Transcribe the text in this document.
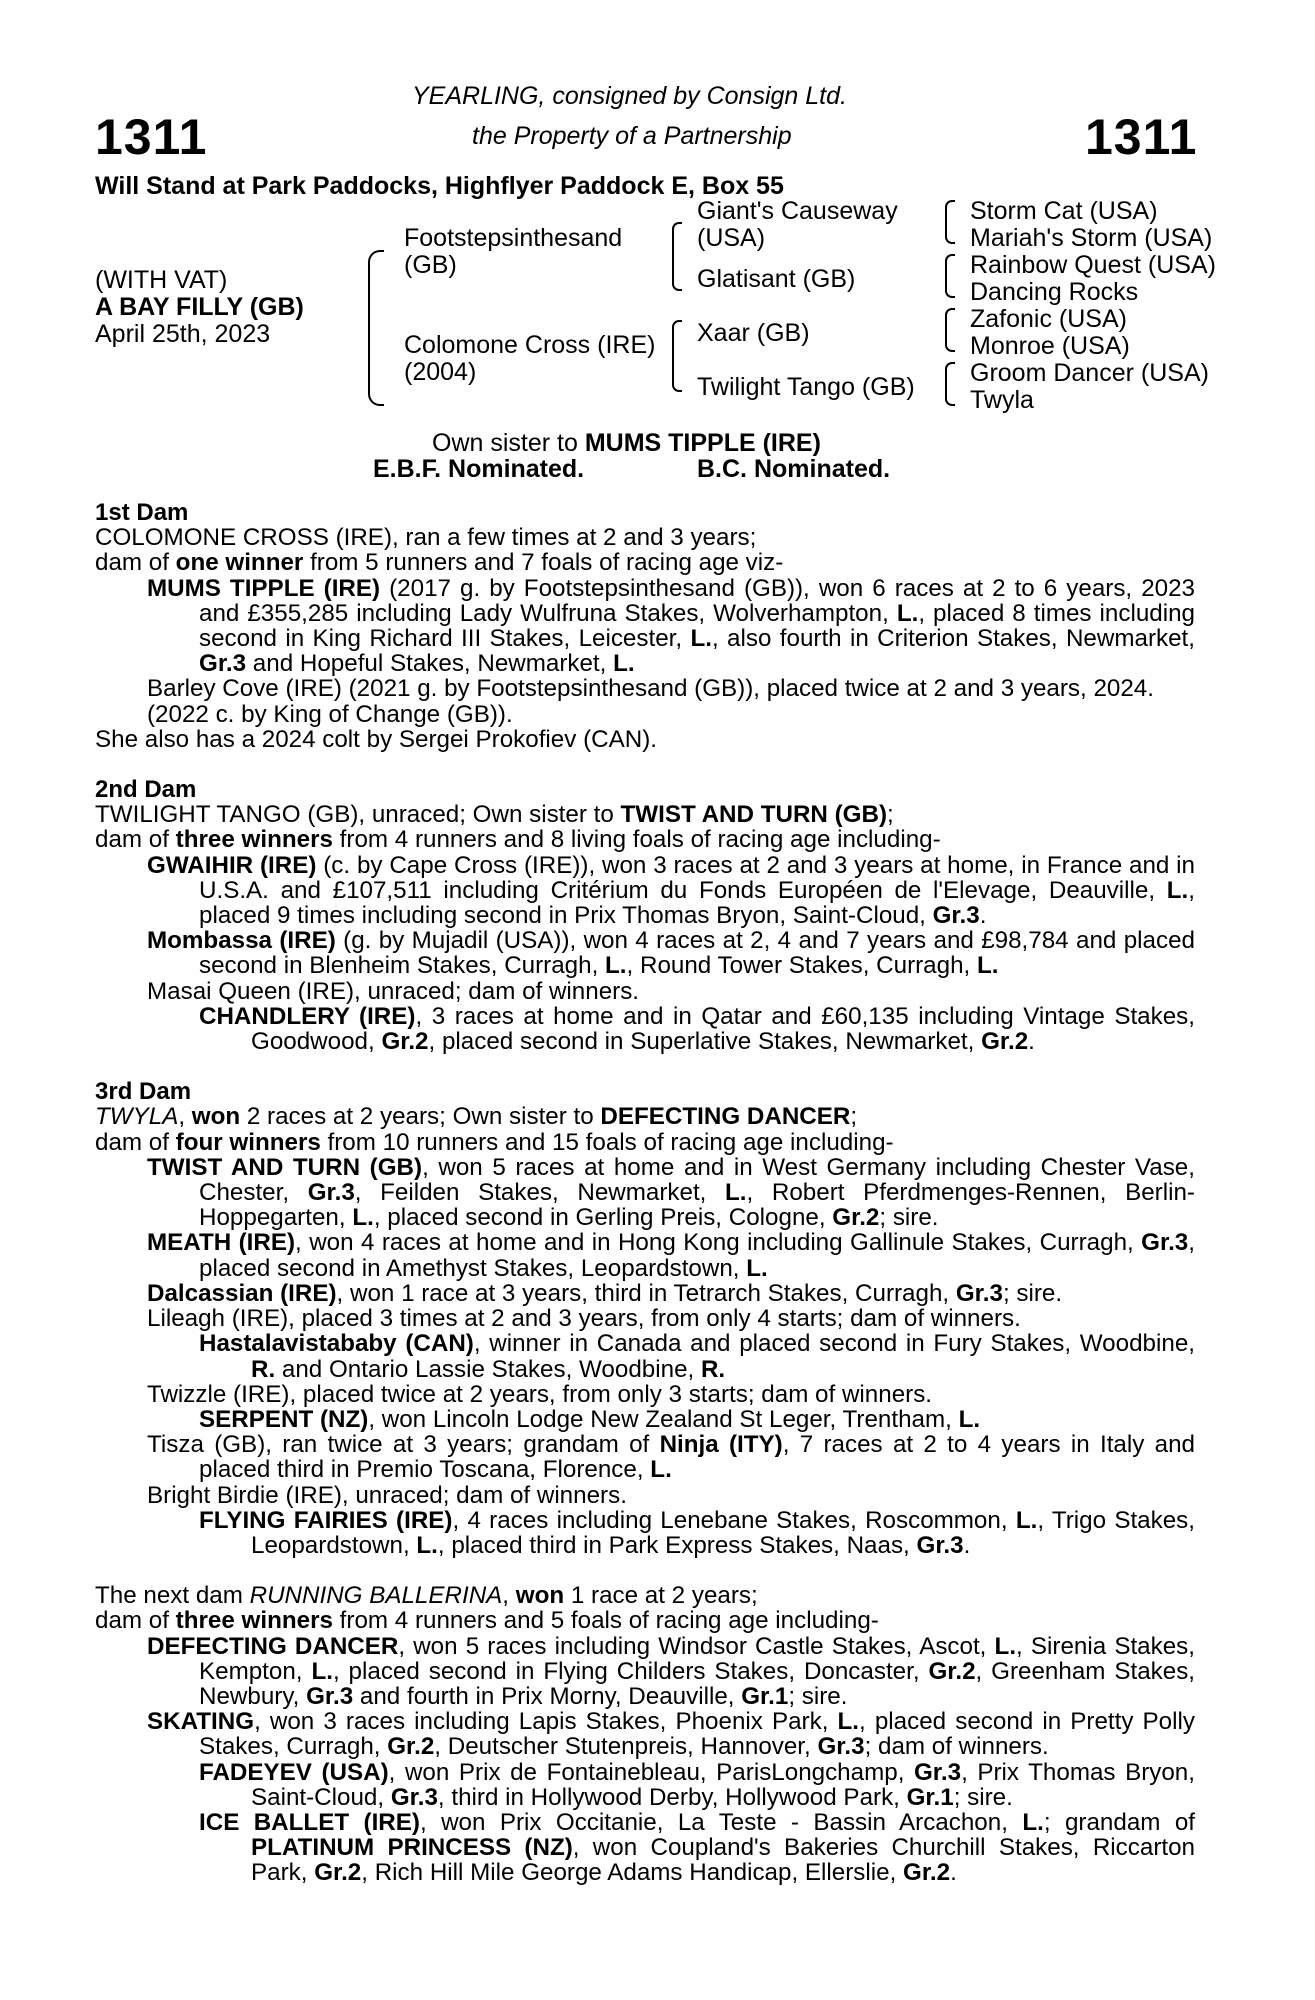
1311	1311
YEARLING, consigned by Consign Ltd.
the Property of a Partnership
Will Stand at Park Paddocks, Highflyer Paddock E, Box 55
(WITH VAT)
A BAY FILLY (GB)
April 25th, 2023
Footstepsinthesand (GB)
Colomone Cross (IRE) (2004)
Giant's Causeway (USA)
Glatisant (GB)
Xaar (GB)
Twilight Tango (GB)
Storm Cat (USA)
Mariah's Storm (USA)
Rainbow Quest (USA)
Dancing Rocks
Zafonic (USA)
Monroe (USA)
Groom Dancer (USA)
Twyla
Own sister to MUMS TIPPLE (IRE)
E.B.F. Nominated.	B.C. Nominated.

1st Dam

COLOMONE CROSS (IRE), ran a few times at 2 and 3 years;

dam of one winner from 5 runners and 7 foals of racing age viz-

MUMS TIPPLE (IRE) (2017 g. by Footstepsinthesand (GB)), won 6 races at 2 to 6 years, 2023 and £355,285 including Lady Wulfruna Stakes, Wolverhampton, L., placed 8 times including second in King Richard III Stakes, Leicester, L., also fourth in Criterion Stakes, Newmarket, Gr.3 and Hopeful Stakes, Newmarket, L.

Barley Cove (IRE) (2021 g. by Footstepsinthesand (GB)), placed twice at 2 and 3 years, 2024.

(2022 c. by King of Change (GB)).

She also has a 2024 colt by Sergei Prokofiev (CAN).

2nd Dam

TWILIGHT TANGO (GB), unraced; Own sister to TWIST AND TURN (GB);

dam of three winners from 4 runners and 8 living foals of racing age including-

GWAIHIR (IRE) (c. by Cape Cross (IRE)), won 3 races at 2 and 3 years at home, in France and in U.S.A. and £107,511 including Critérium du Fonds Européen de l'Elevage, Deauville, L., placed 9 times including second in Prix Thomas Bryon, Saint-Cloud, Gr.3.

Mombassa (IRE) (g. by Mujadil (USA)), won 4 races at 2, 4 and 7 years and £98,784 and placed second in Blenheim Stakes, Curragh, L., Round Tower Stakes, Curragh, L.

Masai Queen (IRE), unraced; dam of winners.

CHANDLERY (IRE), 3 races at home and in Qatar and £60,135 including Vintage Stakes, Goodwood, Gr.2, placed second in Superlative Stakes, Newmarket, Gr.2.

3rd Dam

TWYLA, won 2 races at 2 years; Own sister to DEFECTING DANCER;

dam of four winners from 10 runners and 15 foals of racing age including-

TWIST AND TURN (GB), won 5 races at home and in West Germany including Chester Vase, Chester, Gr.3, Feilden Stakes, Newmarket, L., Robert Pferdmenges-Rennen, Berlin-Hoppegarten, L., placed second in Gerling Preis, Cologne, Gr.2; sire.

MEATH (IRE), won 4 races at home and in Hong Kong including Gallinule Stakes, Curragh, Gr.3, placed second in Amethyst Stakes, Leopardstown, L.

Dalcassian (IRE), won 1 race at 3 years, third in Tetrarch Stakes, Curragh, Gr.3; sire.

Lileagh (IRE), placed 3 times at 2 and 3 years, from only 4 starts; dam of winners.

Hastalavistababy (CAN), winner in Canada and placed second in Fury Stakes, Woodbine, R. and Ontario Lassie Stakes, Woodbine, R.

Twizzle (IRE), placed twice at 2 years, from only 3 starts; dam of winners.

SERPENT (NZ), won Lincoln Lodge New Zealand St Leger, Trentham, L.

Tisza (GB), ran twice at 3 years; grandam of Ninja (ITY), 7 races at 2 to 4 years in Italy and placed third in Premio Toscana, Florence, L.

Bright Birdie (IRE), unraced; dam of winners.

FLYING FAIRIES (IRE), 4 races including Lenebane Stakes, Roscommon, L., Trigo Stakes, Leopardstown, L., placed third in Park Express Stakes, Naas, Gr.3.

The next dam RUNNING BALLERINA, won 1 race at 2 years;

dam of three winners from 4 runners and 5 foals of racing age including-

DEFECTING DANCER, won 5 races including Windsor Castle Stakes, Ascot, L., Sirenia Stakes, Kempton, L., placed second in Flying Childers Stakes, Doncaster, Gr.2, Greenham Stakes, Newbury, Gr.3 and fourth in Prix Morny, Deauville, Gr.1; sire.

SKATING, won 3 races including Lapis Stakes, Phoenix Park, L., placed second in Pretty Polly Stakes, Curragh, Gr.2, Deutscher Stutenpreis, Hannover, Gr.3; dam of winners.

FADEYEV (USA), won Prix de Fontainebleau, ParisLongchamp, Gr.3, Prix Thomas Bryon, Saint-Cloud, Gr.3, third in Hollywood Derby, Hollywood Park, Gr.1; sire.

ICE BALLET (IRE), won Prix Occitanie, La Teste - Bassin Arcachon, L.; grandam of PLATINUM PRINCESS (NZ), won Coupland's Bakeries Churchill Stakes, Riccarton Park, Gr.2, Rich Hill Mile George Adams Handicap, Ellerslie, Gr.2.
